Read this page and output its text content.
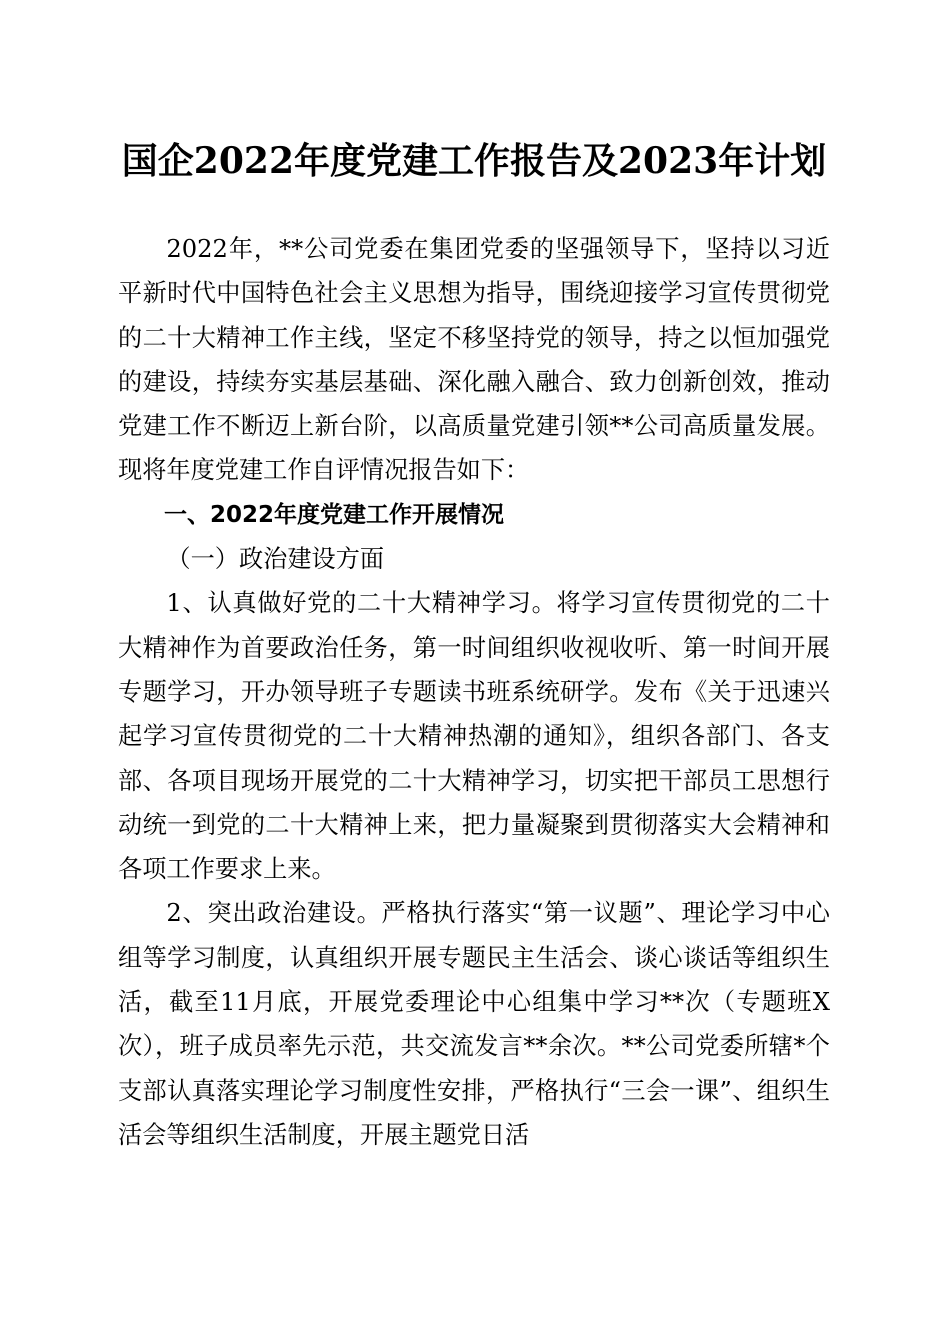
国企2022年度党建工作报告及2023年计划

2022年，**公司党委在集团党委的坚强领导下，坚持以习近平新时代中国特色社会主义思想为指导，围绕迎接学习宣传贯彻党的二十大精神工作主线，坚定不移坚持党的领导，持之以恒加强党的建设，持续夯实基层基础、深化融入融合、致力创新创效，推动党建工作不断迈上新台阶，以高质量党建引领**公司高质量发展。现将年度党建工作自评情况报告如下：

一、2022年度党建工作开展情况

（一）政治建设方面

1、认真做好党的二十大精神学习。将学习宣传贯彻党的二十大精神作为首要政治任务，第一时间组织收视收听、第一时间开展专题学习，开办领导班子专题读书班系统研学。发布《关于迅速兴起学习宣传贯彻党的二十大精神热潮的通知》，组织各部门、各支部、各项目现场开展党的二十大精神学习，切实把干部员工思想行动统一到党的二十大精神上来，把力量凝聚到贯彻落实大会精神和各项工作要求上来。

2、突出政治建设。严格执行落实“第一议题”、理论学习中心组等学习制度，认真组织开展专题民主生活会、谈心谈话等组织生活，截至11月底，开展党委理论中心组集中学习**次（专题班X次），班子成员率先示范，共交流发言**余次。**公司党委所辖*个支部认真落实理论学习制度性安排，严格执行“三会一课”、组织生活会等组织生活制度，开展主题党日活
